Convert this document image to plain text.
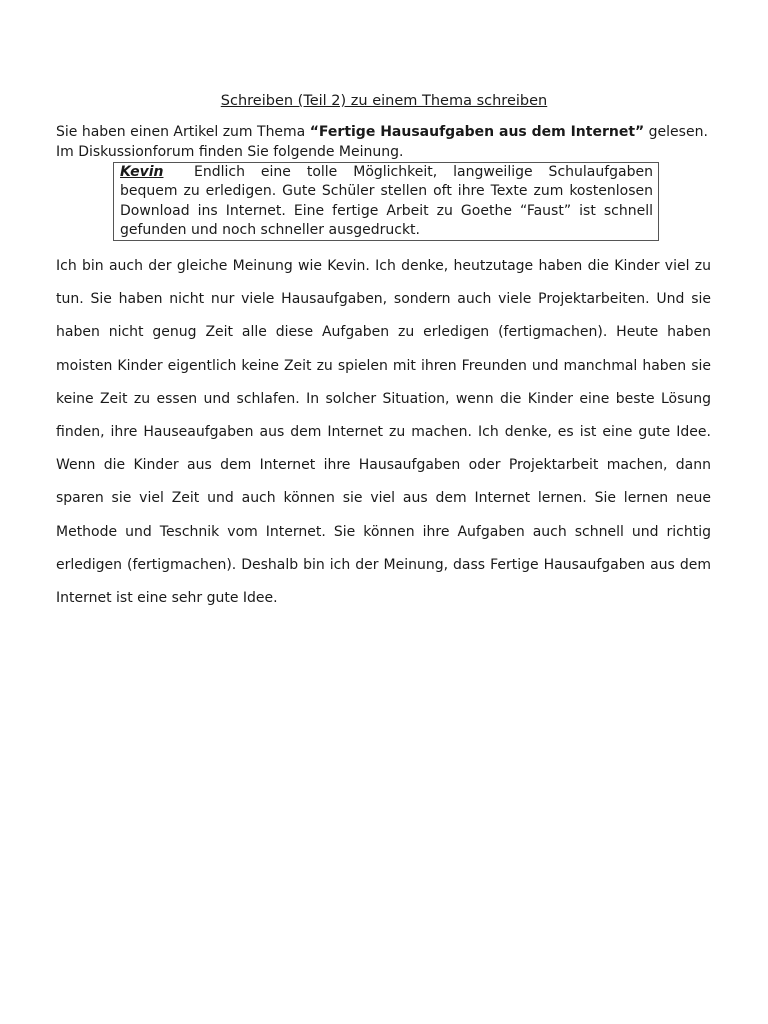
Schreiben (Teil 2) zu einem Thema schreiben
Sie haben einen Artikel zum Thema “Fertige Hausaufgaben aus dem Internet” gelesen.
Im Diskussionforum finden Sie folgende Meinung.
Kevin Endlich eine tolle Möglichkeit, langweilige Schulaufgaben bequem zu erledigen. Gute Schüler stellen oft ihre Texte zum kostenlosen Download ins Internet. Eine fertige Arbeit zu Goethe “Faust” ist schnell gefunden und noch schneller ausgedruckt.
Ich bin auch der gleiche Meinung wie Kevin. Ich denke, heutzutage haben die Kinder viel zu tun. Sie haben nicht nur viele Hausaufgaben, sondern auch viele Projektarbeiten. Und sie haben nicht genug Zeit alle diese Aufgaben zu erledigen (fertigmachen). Heute haben moisten Kinder eigentlich keine Zeit zu spielen mit ihren Freunden und manchmal haben sie keine Zeit zu essen und schlafen. In solcher Situation, wenn die Kinder eine beste Lösung finden, ihre Hauseaufgaben aus dem Internet zu machen. Ich denke, es ist eine gute Idee. Wenn die Kinder aus dem Internet ihre Hausaufgaben oder Projektarbeit machen, dann sparen sie viel Zeit und auch können sie viel aus dem Internet lernen. Sie lernen neue Methode und Teschnik vom Internet. Sie können ihre Aufgaben auch schnell und richtig erledigen (fertigmachen). Deshalb bin ich der Meinung, dass Fertige Hausaufgaben aus dem Internet ist eine sehr gute Idee.
